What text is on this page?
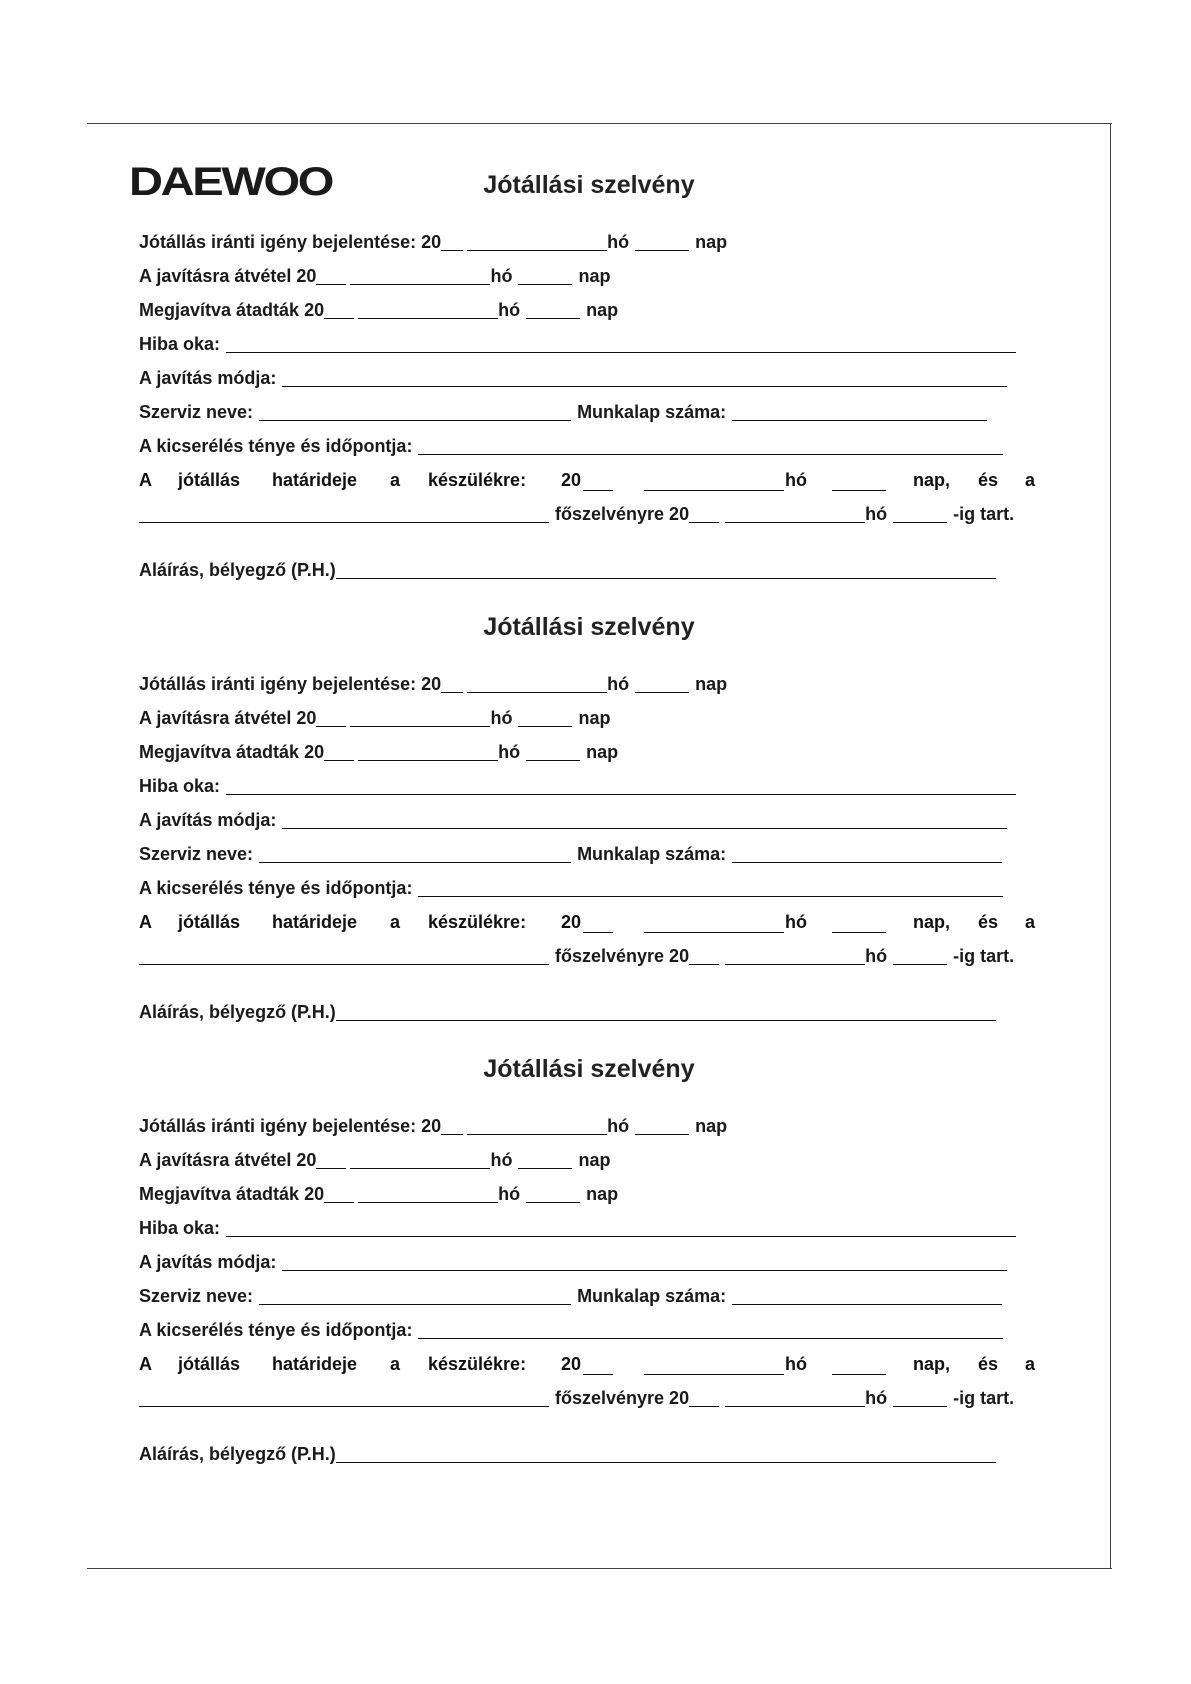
DAEWOO	Jótállási szelvény
Jótállás iránti igény bejelentése: 20	hó	nap
A javításra átvétel 20	hó	nap
Megjavítva átadták 20	hó	nap
Hiba oka:
A javítás módja:
Szerviz neve:	Munkalap száma:
A kicserélés ténye és időpontja:
A jótállás határideje a készülékre: 20	hó	nap, és a
főszelvényre 20	hó	-ig tart.
Aláírás, bélyegző (P.H.)
Jótállási szelvény
Jótállás iránti igény bejelentése: 20	hó	nap
A javításra átvétel 20	hó	nap
Megjavítva átadták 20	hó	nap
Hiba oka:
A javítás módja:
Szerviz neve:	Munkalap száma:
A kicserélés ténye és időpontja:
A jótállás határideje a készülékre: 20	hó	nap, és a
főszelvényre 20	hó	-ig tart.
Aláírás, bélyegző (P.H.)
Jótállási szelvény
Jótállás iránti igény bejelentése: 20	hó	nap
A javításra átvétel 20	hó	nap
Megjavítva átadták 20	hó	nap
Hiba oka:
A javítás módja:
Szerviz neve:	Munkalap száma:
A kicserélés ténye és időpontja:
A jótállás határideje a készülékre: 20	hó	nap, és a
főszelvényre 20	hó	-ig tart.
Aláírás, bélyegző (P.H.)
